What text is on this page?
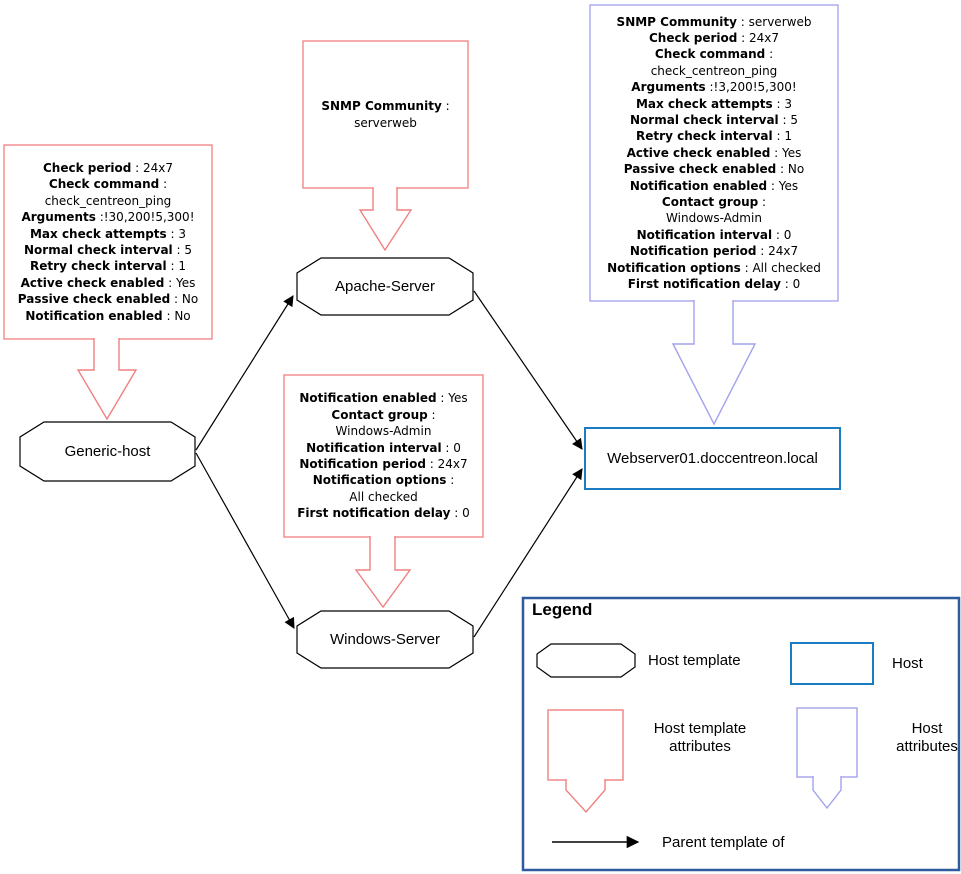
Check period : 24x7
Check command :
check_centreon_ping
Arguments :!30,200!5,300!
Max check attempts : 3
Normal check interval : 5
Retry check interval : 1
Active check enabled : Yes
Passive check enabled : No
Notification enabled : No
SNMP Community :
serverweb
Notification enabled : Yes
Contact group :
Windows-Admin
Notification interval : 0
Notification period : 24x7
Notification options :
All checked
First notification delay : 0
SNMP Community : serverweb
Check period : 24x7
Check command :
check_centreon_ping
Arguments :!3,200!5,300!
Max check attempts : 3
Normal check interval : 5
Retry check interval : 1
Active check enabled : Yes
Passive check enabled : No
Notification enabled : Yes
Contact group :
Windows-Admin
Notification interval : 0
Notification period : 24x7
Notification options : All checked
First notification delay : 0
Generic-host
Apache-Server
Windows-Server
Webserver01.doccentreon.local
Legend
Host template	Host
Host template attributes
Host attributes
Parent template of
